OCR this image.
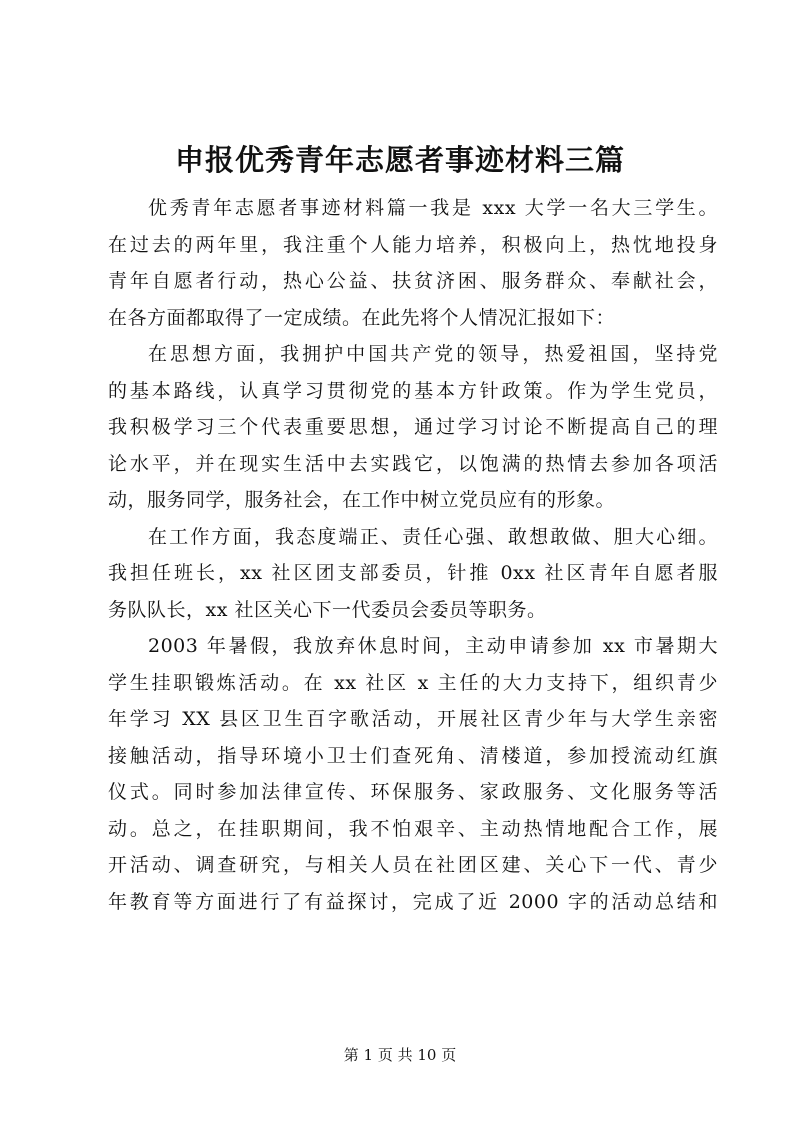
申报优秀青年志愿者事迹材料三篇
优秀青年志愿者事迹材料篇一我是 xxx 大学一名大三学生。
在过去的两年里，我注重个人能力培养，积极向上，热忱地投身
青年自愿者行动，热心公益、扶贫济困、服务群众、奉献社会，
在各方面都取得了一定成绩。在此先将个人情况汇报如下：
在思想方面，我拥护中国共产党的领导，热爱祖国，坚持党
的基本路线，认真学习贯彻党的基本方针政策。作为学生党员，
我积极学习三个代表重要思想，通过学习讨论不断提高自己的理
论水平，并在现实生活中去实践它，以饱满的热情去参加各项活
动，服务同学，服务社会，在工作中树立党员应有的形象。
在工作方面，我态度端正、责任心强、敢想敢做、胆大心细。
我担任班长，xx 社区团支部委员，针推 0xx 社区青年自愿者服
务队队长，xx 社区关心下一代委员会委员等职务。
2003 年暑假，我放弃休息时间，主动申请参加 xx 市暑期大
学生挂职锻炼活动。在 xx 社区 x 主任的大力支持下，组织青少
年学习 XX 县区卫生百字歌活动，开展社区青少年与大学生亲密
接触活动，指导环境小卫士们查死角、清楼道，参加授流动红旗
仪式。同时参加法律宣传、环保服务、家政服务、文化服务等活
动。总之，在挂职期间，我不怕艰辛、主动热情地配合工作，展
开活动、调查研究，与相关人员在社团区建、关心下一代、青少
年教育等方面进行了有益探讨，完成了近 2000 字的活动总结和
第 1 页 共 10 页
